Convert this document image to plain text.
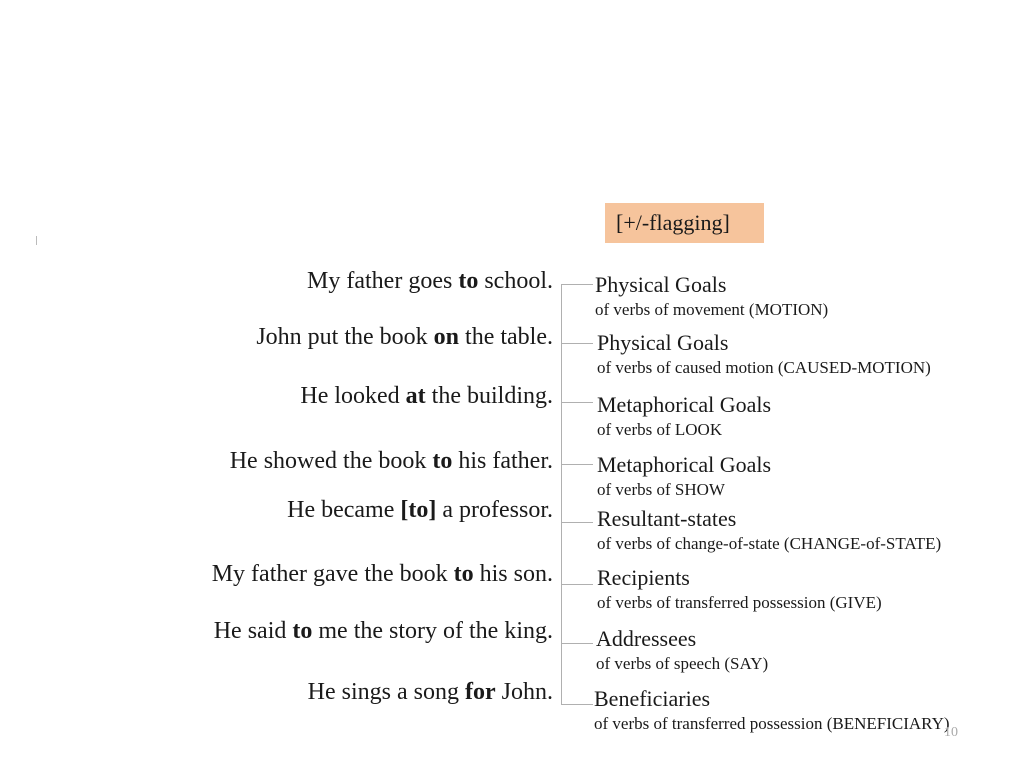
[+/-flagging]
My father goes to school.
John put the book on the table.
He looked at the building.
He showed the book to his father.
He became [to] a professor.
My father gave the book to his son.
He said to me the story of the king.
He sings a song for John.
Physical Goals
of verbs of movement (MOTION)
Physical Goals
of verbs of caused motion (CAUSED-MOTION)
Metaphorical Goals
of verbs of LOOK
Metaphorical Goals
of verbs of SHOW
Resultant-states
of verbs of change-of-state (CHANGE-of-STATE)
Recipients
of verbs of transferred possession (GIVE)
Addressees
of verbs of speech (SAY)
Beneficiaries
of verbs of transferred possession (BENEFICIARY)
10
